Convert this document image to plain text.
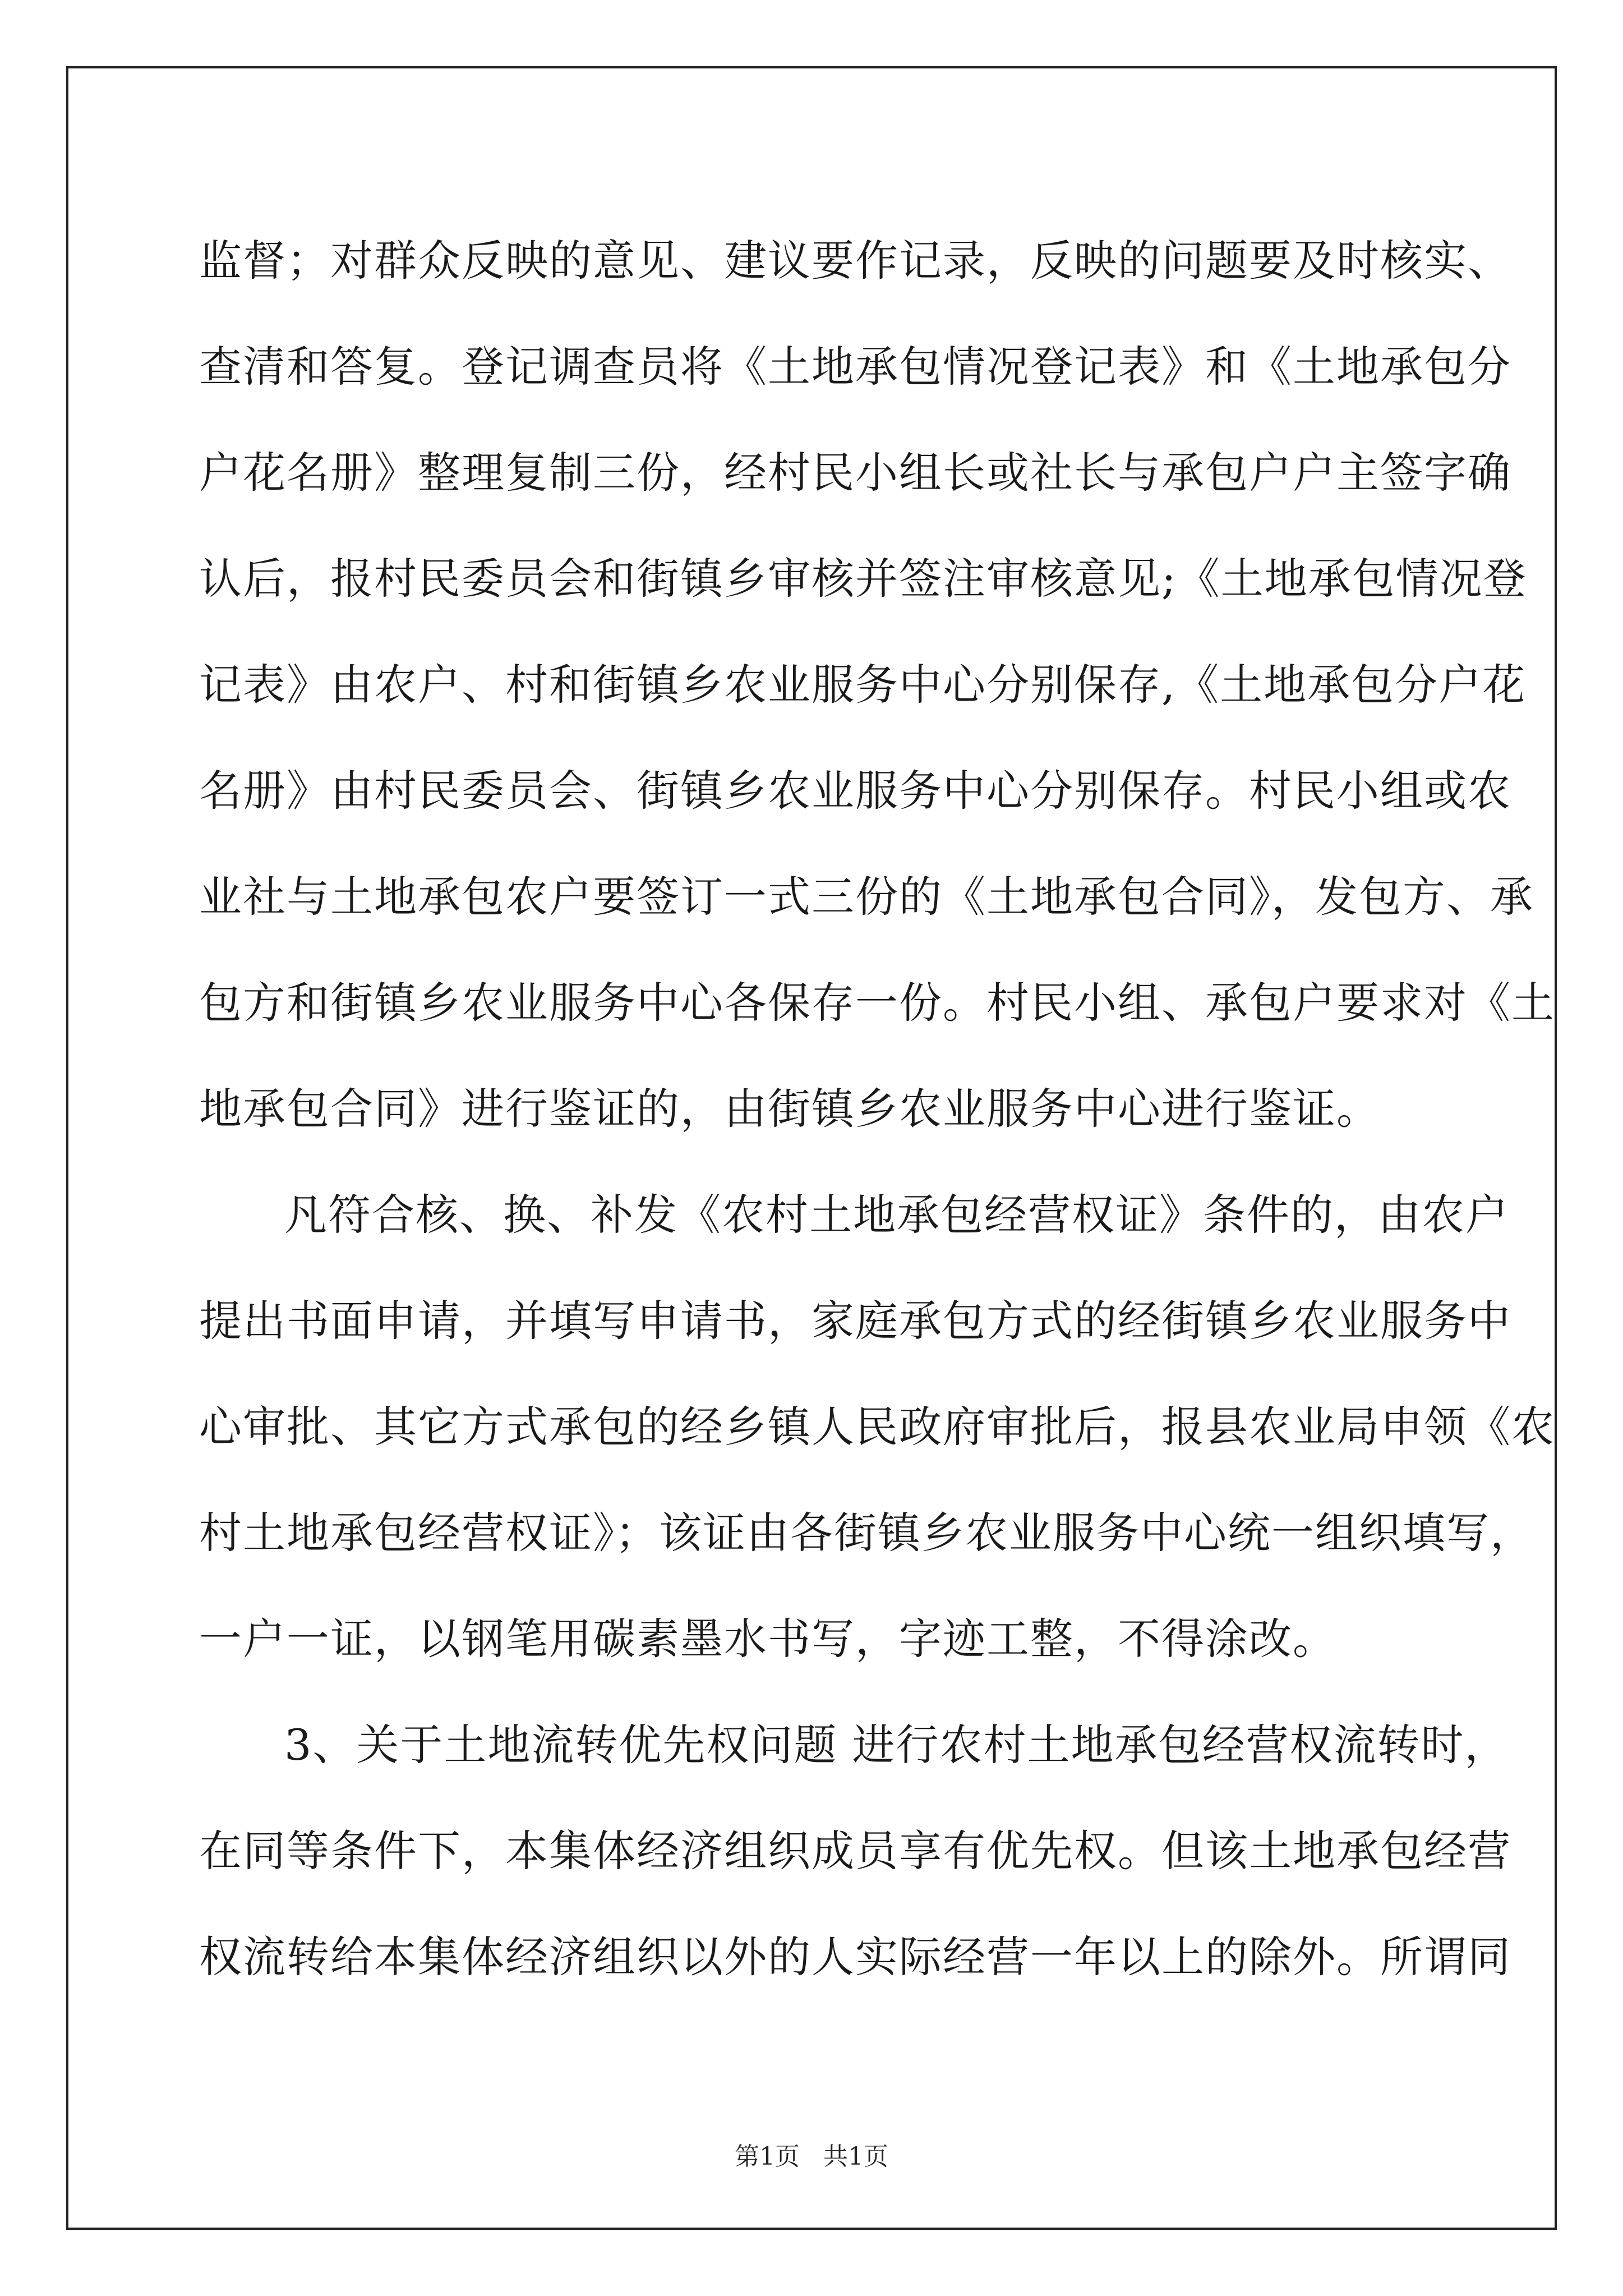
监督；对群众反映的意见、建议要作记录，反映的问题要及时核实、
查清和答复。登记调查员将《土地承包情况登记表》和《土地承包分
户花名册》整理复制三份，经村民小组长或社长与承包户户主签字确
认后，报村民委员会和街镇乡审核并签注审核意见;《土地承包情况登
记表》由农户、村和街镇乡农业服务中心分别保存,《土地承包分户花
名册》由村民委员会、街镇乡农业服务中心分别保存。村民小组或农
业社与土地承包农户要签订一式三份的《土地承包合同》，发包方、承
包方和街镇乡农业服务中心各保存一份。村民小组、承包户要求对《土
地承包合同》进行鉴证的，由街镇乡农业服务中心进行鉴证。
凡符合核、换、补发《农村土地承包经营权证》条件的，由农户
提出书面申请，并填写申请书，家庭承包方式的经街镇乡农业服务中
心审批、其它方式承包的经乡镇人民政府审批后，报县农业局申领《农
村土地承包经营权证》；该证由各街镇乡农业服务中心统一组织填写，
一户一证，以钢笔用碳素墨水书写，字迹工整，不得涂改。
3、关于土地流转优先权问题 进行农村土地承包经营权流转时，
在同等条件下，本集体经济组织成员享有优先权。但该土地承包经营
权流转给本集体经济组织以外的人实际经营一年以上的除外。所谓同
第1页   共1页
